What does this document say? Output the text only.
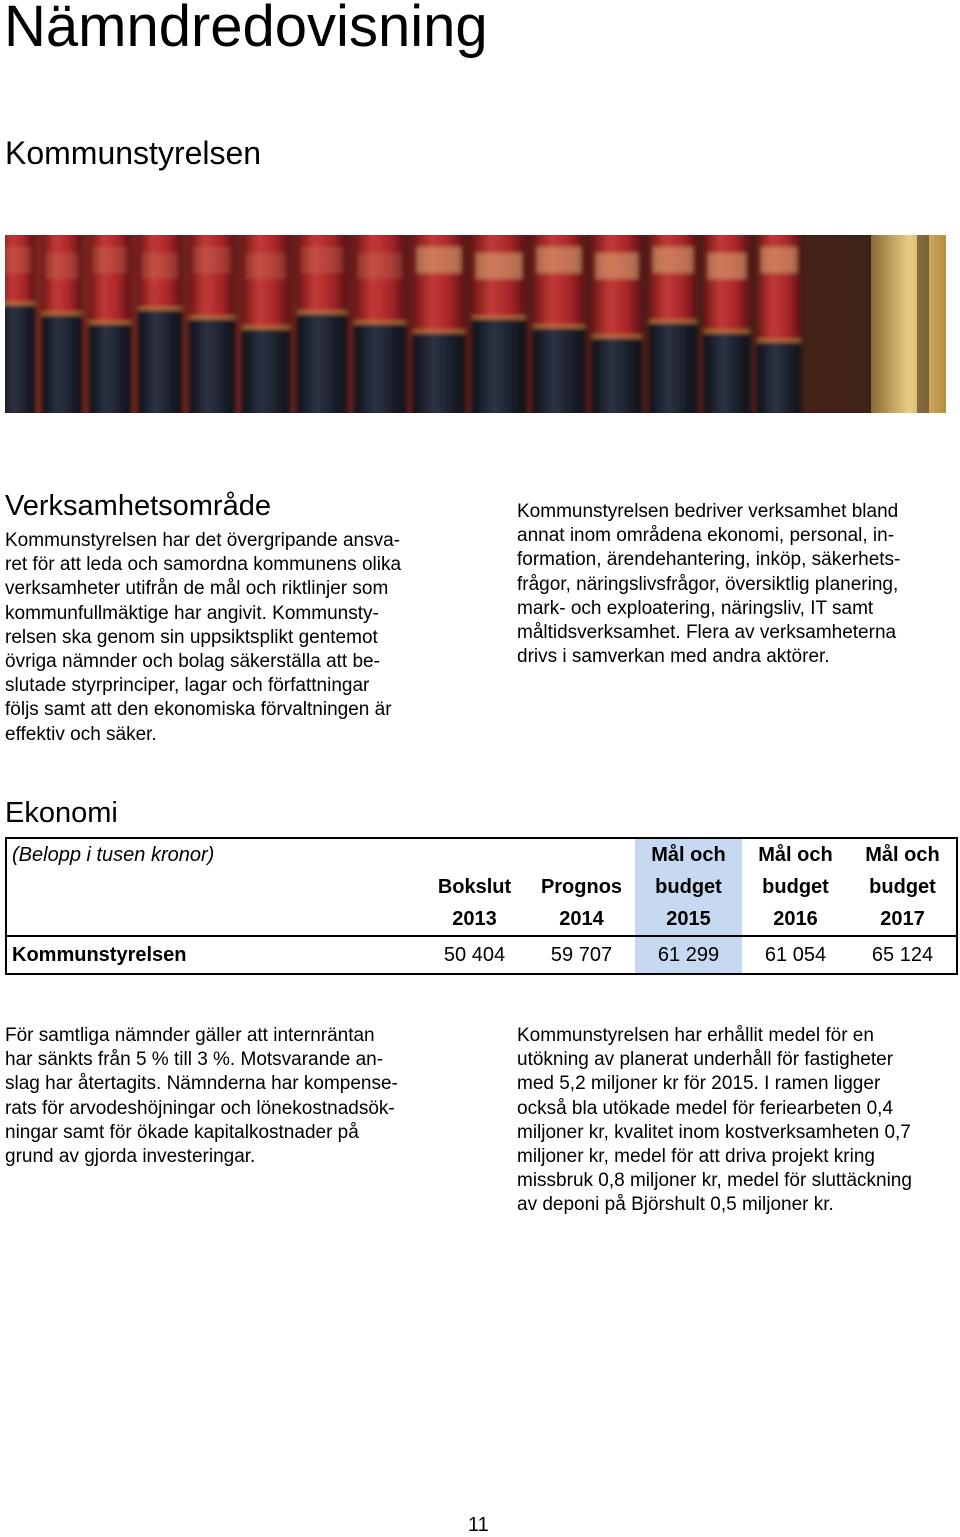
Nämndredovisning
Kommunstyrelsen
Verksamhetsområde
Kommunstyrelsen har det övergripande ansva-
ret för att leda och samordna kommunens olika
verksamheter utifrån de mål och riktlinjer som
kommunfullmäktige har angivit. Kommunsty-
relsen ska genom sin uppsiktsplikt gentemot
övriga nämnder och bolag säkerställa att be-
slutade styrprinciper, lagar och författningar
följs samt att den ekonomiska förvaltningen är
effektiv och säker.
Kommunstyrelsen bedriver verksamhet bland
annat inom områdena ekonomi, personal, in-
formation, ärendehantering, inköp, säkerhets-
frågor, näringslivsfrågor, översiktlig planering,
mark- och exploatering, näringsliv, IT samt
måltidsverksamhet. Flera av verksamheterna
drivs i samverkan med andra aktörer.
Ekonomi
(Belopp i tusen kronor)			Mål och	Mål och	Mål och
	Bokslut	Prognos	budget	budget	budget
	2013	2014	2015	2016	2017
Kommunstyrelsen	50 404	59 707	61 299	61 054	65 124
För samtliga nämnder gäller att internräntan
har sänkts från 5 % till 3 %. Motsvarande an-
slag har återtagits. Nämnderna har kompense-
rats för arvodeshöjningar och lönekostnadsök-
ningar samt för ökade kapitalkostnader på
grund av gjorda investeringar.
Kommunstyrelsen har erhållit medel för en
utökning av planerat underhåll för fastigheter
med 5,2 miljoner kr för 2015. I ramen ligger
också bla utökade medel för feriearbeten 0,4
miljoner kr, kvalitet inom kostverksamheten 0,7
miljoner kr, medel för att driva projekt kring
missbruk 0,8 miljoner kr, medel för sluttäckning
av deponi på Björshult 0,5 miljoner kr.
11
